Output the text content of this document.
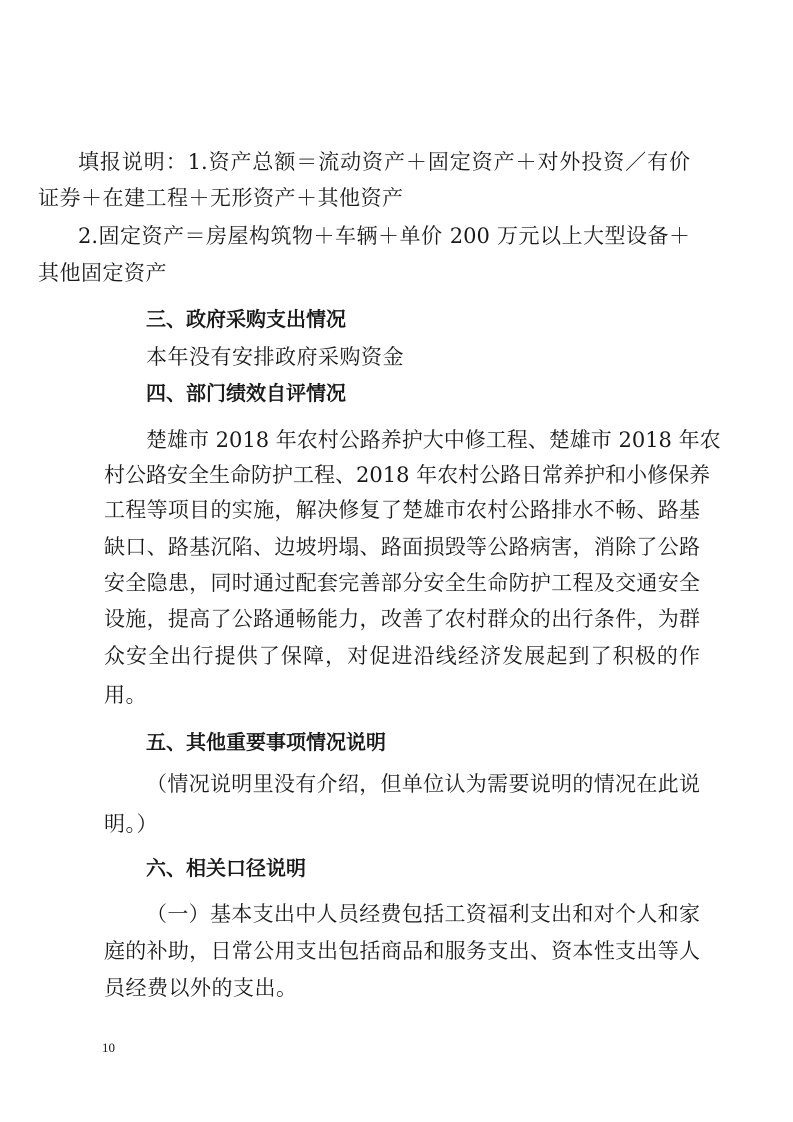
填报说明：1.资产总额＝流动资产＋固定资产＋对外投资／有价
证券＋在建工程＋无形资产＋其他资产
2.固定资产＝房屋构筑物＋车辆＋单价 200 万元以上大型设备＋
其他固定资产
三、政府采购支出情况
本年没有安排政府采购资金
四、部门绩效自评情况
楚雄市 2018 年农村公路养护大中修工程、楚雄市 2018 年农
村公路安全生命防护工程、2018 年农村公路日常养护和小修保养
工程等项目的实施，解决修复了楚雄市农村公路排水不畅、路基
缺口、路基沉陷、边坡坍塌、路面损毁等公路病害，消除了公路
安全隐患，同时通过配套完善部分安全生命防护工程及交通安全
设施，提高了公路通畅能力，改善了农村群众的出行条件，为群
众安全出行提供了保障，对促进沿线经济发展起到了积极的作
用。
五、其他重要事项情况说明
（情况说明里没有介绍，但单位认为需要说明的情况在此说
明。）
六、相关口径说明
（一）基本支出中人员经费包括工资福利支出和对个人和家
庭的补助，日常公用支出包括商品和服务支出、资本性支出等人
员经费以外的支出。
10
